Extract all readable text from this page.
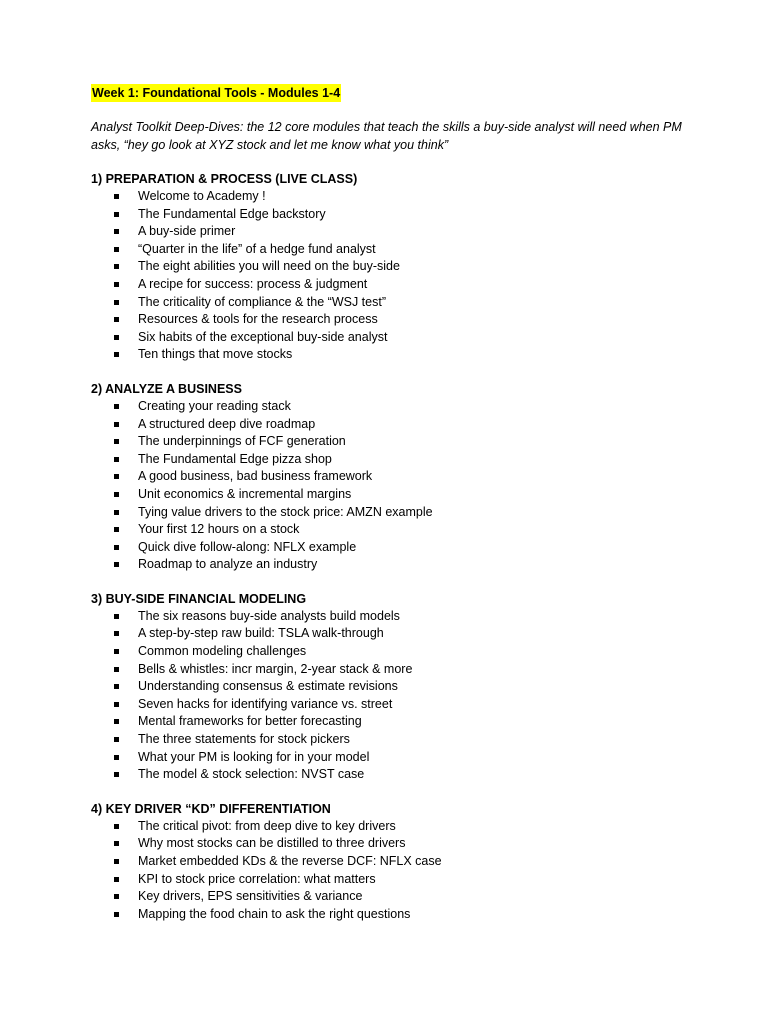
Week 1: Foundational Tools - Modules 1-4

Analyst Toolkit Deep-Dives: the 12 core modules that teach the skills a buy-side analyst will need when PM asks, “hey go look at XYZ stock and let me know what you think”

1) PREPARATION & PROCESS (LIVE CLASS)

Welcome to Academy !
The Fundamental Edge backstory
A buy-side primer
“Quarter in the life” of a hedge fund analyst
The eight abilities you will need on the buy-side
A recipe for success: process & judgment
The criticality of compliance & the “WSJ test”
Resources & tools for the research process
Six habits of the exceptional buy-side analyst
Ten things that move stocks

2) ANALYZE A BUSINESS

Creating your reading stack
A structured deep dive roadmap
The underpinnings of FCF generation
The Fundamental Edge pizza shop
A good business, bad business framework
Unit economics & incremental margins
Tying value drivers to the stock price: AMZN example
Your first 12 hours on a stock
Quick dive follow-along: NFLX example
Roadmap to analyze an industry

3) BUY-SIDE FINANCIAL MODELING

The six reasons buy-side analysts build models
A step-by-step raw build: TSLA walk-through
Common modeling challenges
Bells & whistles: incr margin, 2-year stack & more
Understanding consensus & estimate revisions
Seven hacks for identifying variance vs. street
Mental frameworks for better forecasting
The three statements for stock pickers
What your PM is looking for in your model
The model & stock selection: NVST case

4) KEY DRIVER “KD” DIFFERENTIATION

The critical pivot: from deep dive to key drivers
Why most stocks can be distilled to three drivers
Market embedded KDs & the reverse DCF: NFLX case
KPI to stock price correlation: what matters
Key drivers, EPS sensitivities & variance
Mapping the food chain to ask the right questions
